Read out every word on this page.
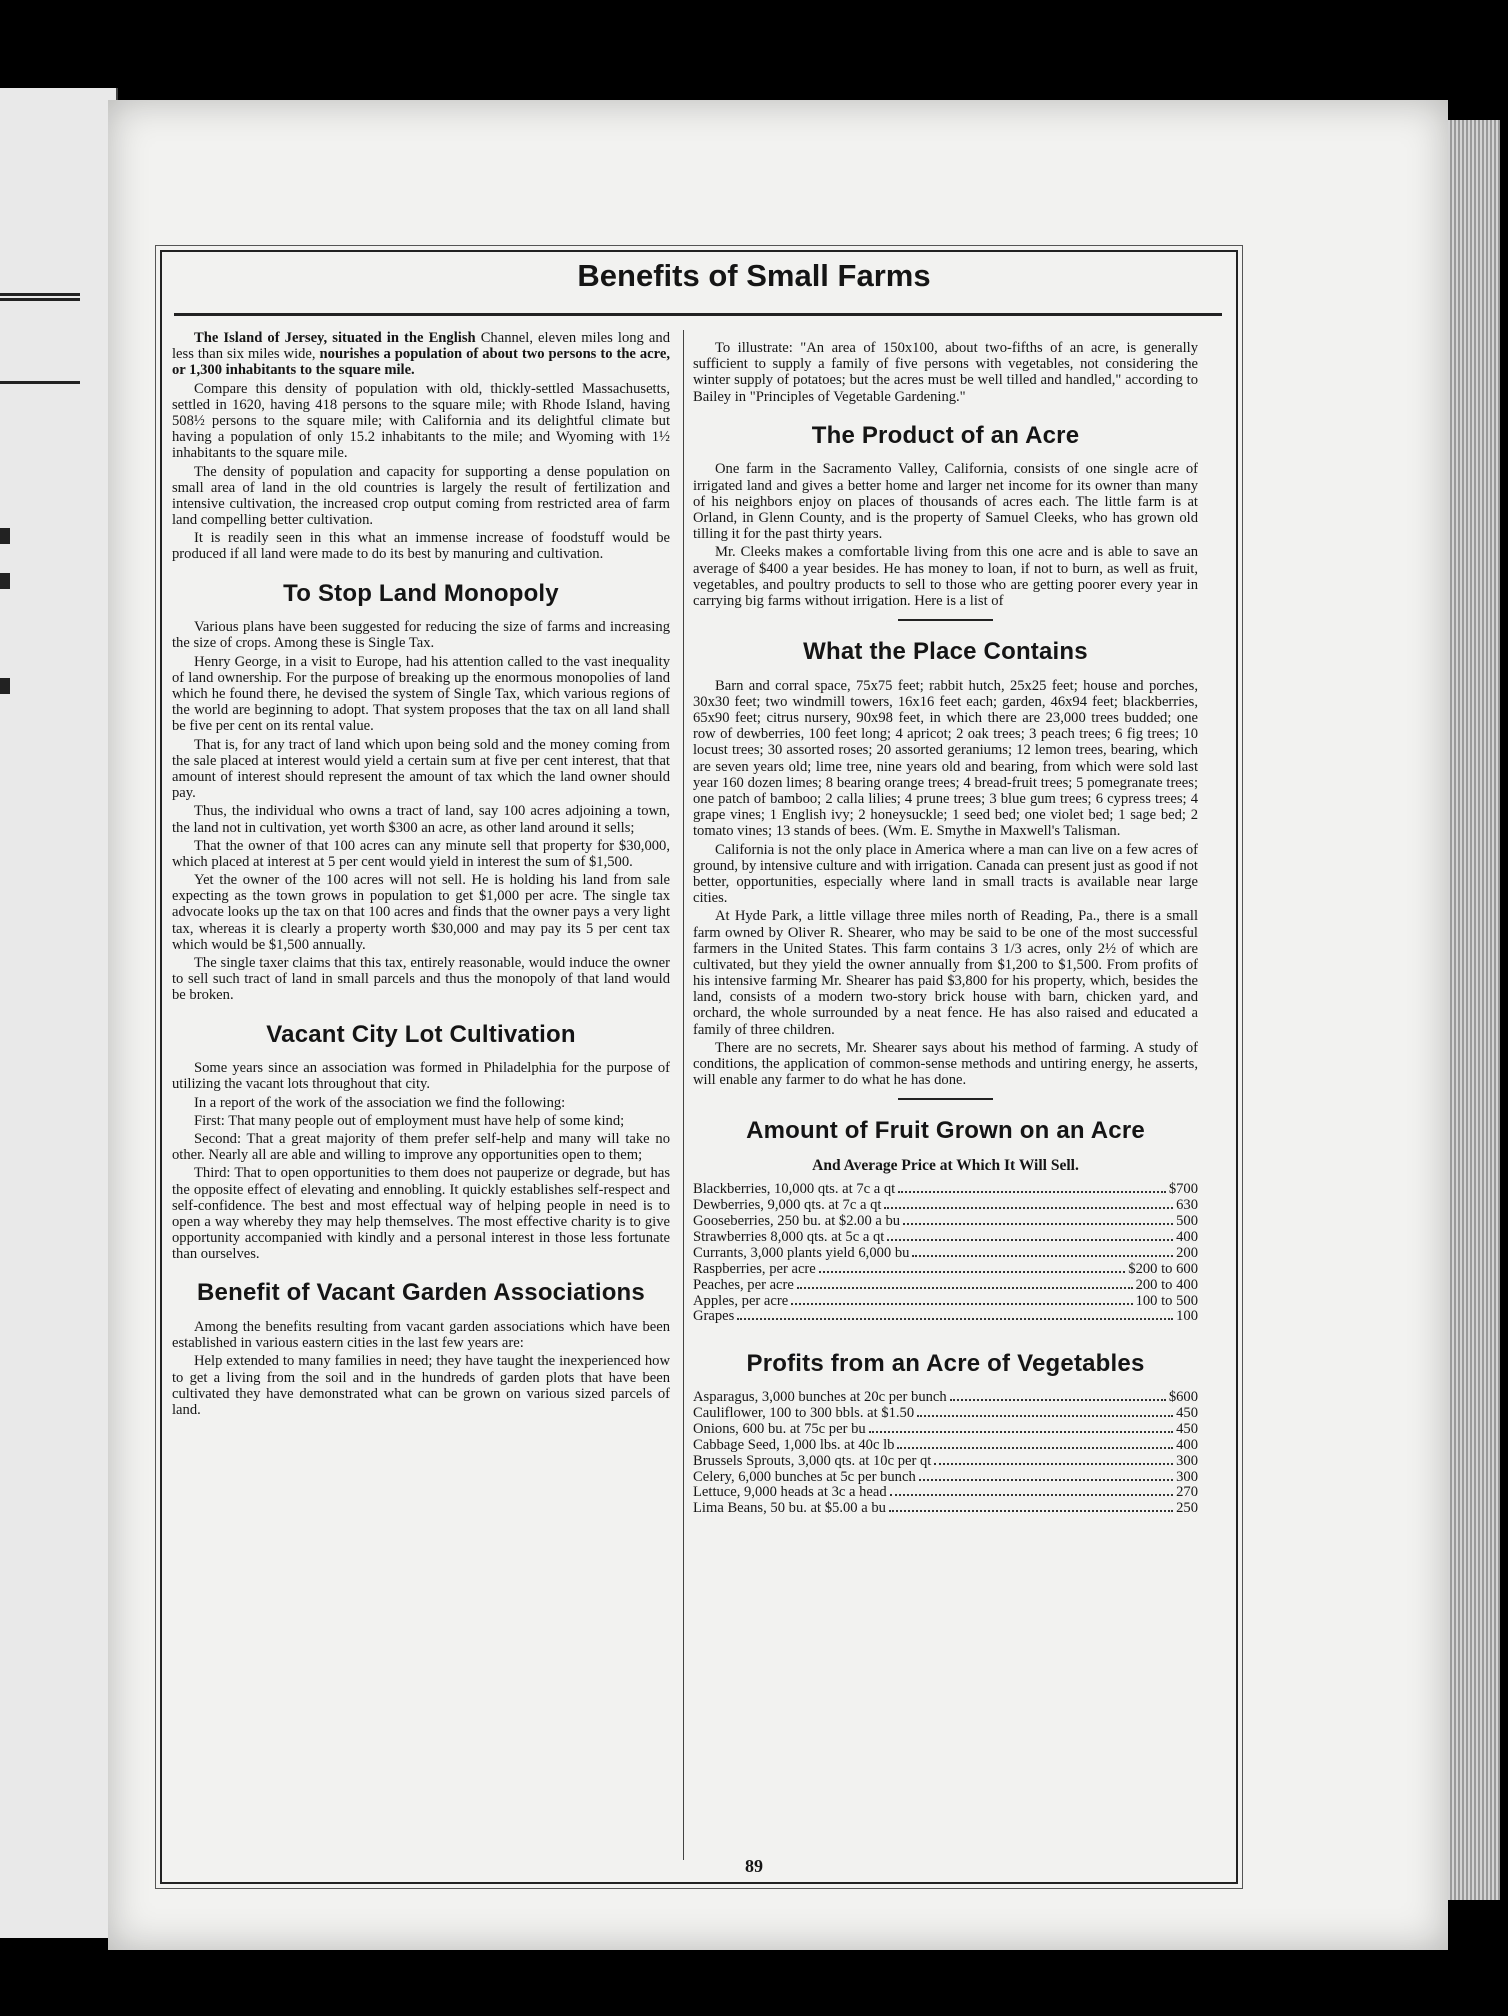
Benefits of Small Farms

The Island of Jersey, situated in the English Channel, eleven miles long and less than six miles wide, nourishes a population of about two persons to the acre, or 1,300 inhabitants to the square mile.

Compare this density of population with old, thickly-settled Massachusetts, settled in 1620, having 418 persons to the square mile; with Rhode Island, having 508½ persons to the square mile; with California and its delightful climate but having a population of only 15.2 inhabitants to the mile; and Wyoming with 1½ inhabitants to the square mile.

The density of population and capacity for supporting a dense population on small area of land in the old countries is largely the result of fertilization and intensive cultivation, the increased crop output coming from restricted area of farm land compelling better cultivation.

It is readily seen in this what an immense increase of foodstuff would be produced if all land were made to do its best by manuring and cultivation.

To Stop Land Monopoly

Various plans have been suggested for reducing the size of farms and increasing the size of crops. Among these is Single Tax.

Henry George, in a visit to Europe, had his attention called to the vast inequality of land ownership. For the purpose of breaking up the enormous monopolies of land which he found there, he devised the system of Single Tax, which various regions of the world are beginning to adopt. That system proposes that the tax on all land shall be five per cent on its rental value.

That is, for any tract of land which upon being sold and the money coming from the sale placed at interest would yield a certain sum at five per cent interest, that that amount of interest should represent the amount of tax which the land owner should pay.

Thus, the individual who owns a tract of land, say 100 acres adjoining a town, the land not in cultivation, yet worth $300 an acre, as other land around it sells;

That the owner of that 100 acres can any minute sell that property for $30,000, which placed at interest at 5 per cent would yield in interest the sum of $1,500.

Yet the owner of the 100 acres will not sell. He is holding his land from sale expecting as the town grows in population to get $1,000 per acre. The single tax advocate looks up the tax on that 100 acres and finds that the owner pays a very light tax, whereas it is clearly a property worth $30,000 and may pay its 5 per cent tax which would be $1,500 annually.

The single taxer claims that this tax, entirely reasonable, would induce the owner to sell such tract of land in small parcels and thus the monopoly of that land would be broken.

Vacant City Lot Cultivation

Some years since an association was formed in Philadelphia for the purpose of utilizing the vacant lots throughout that city.

In a report of the work of the association we find the following:

First: That many people out of employment must have help of some kind;

Second: That a great majority of them prefer self-help and many will take no other. Nearly all are able and willing to improve any opportunities open to them;

Third: That to open opportunities to them does not pauperize or degrade, but has the opposite effect of elevating and ennobling. It quickly establishes self-respect and self-confidence. The best and most effectual way of helping people in need is to open a way whereby they may help themselves. The most effective charity is to give opportunity accompanied with kindly and a personal interest in those less fortunate than ourselves.

Benefit of Vacant Garden Associations

Among the benefits resulting from vacant garden associations which have been established in various eastern cities in the last few years are:

Help extended to many families in need; they have taught the inexperienced how to get a living from the soil and in the hundreds of garden plots that have been cultivated they have demonstrated what can be grown on various sized parcels of land.

To illustrate: "An area of 150x100, about two-fifths of an acre, is generally sufficient to supply a family of five persons with vegetables, not considering the winter supply of potatoes; but the acres must be well tilled and handled," according to Bailey in "Principles of Vegetable Gardening."

The Product of an Acre

One farm in the Sacramento Valley, California, consists of one single acre of irrigated land and gives a better home and larger net income for its owner than many of his neighbors enjoy on places of thousands of acres each. The little farm is at Orland, in Glenn County, and is the property of Samuel Cleeks, who has grown old tilling it for the past thirty years.

Mr. Cleeks makes a comfortable living from this one acre and is able to save an average of $400 a year besides. He has money to loan, if not to burn, as well as fruit, vegetables, and poultry products to sell to those who are getting poorer every year in carrying big farms without irrigation. Here is a list of

What the Place Contains

Barn and corral space, 75x75 feet; rabbit hutch, 25x25 feet; house and porches, 30x30 feet; two windmill towers, 16x16 feet each; garden, 46x94 feet; blackberries, 65x90 feet; citrus nursery, 90x98 feet, in which there are 23,000 trees budded; one row of dewberries, 100 feet long; 4 apricot; 2 oak trees; 3 peach trees; 6 fig trees; 10 locust trees; 30 assorted roses; 20 assorted geraniums; 12 lemon trees, bearing, which are seven years old; lime tree, nine years old and bearing, from which were sold last year 160 dozen limes; 8 bearing orange trees; 4 bread-fruit trees; 5 pomegranate trees; one patch of bamboo; 2 calla lilies; 4 prune trees; 3 blue gum trees; 6 cypress trees; 4 grape vines; 1 English ivy; 2 honeysuckle; 1 seed bed; one violet bed; 1 sage bed; 2 tomato vines; 13 stands of bees. (Wm. E. Smythe in Maxwell's Talisman.

California is not the only place in America where a man can live on a few acres of ground, by intensive culture and with irrigation. Canada can present just as good if not better, opportunities, especially where land in small tracts is available near large cities.

At Hyde Park, a little village three miles north of Reading, Pa., there is a small farm owned by Oliver R. Shearer, who may be said to be one of the most successful farmers in the United States. This farm contains 3 1/3 acres, only 2½ of which are cultivated, but they yield the owner annually from $1,200 to $1,500. From profits of his intensive farming Mr. Shearer has paid $3,800 for his property, which, besides the land, consists of a modern two-story brick house with barn, chicken yard, and orchard, the whole surrounded by a neat fence. He has also raised and educated a family of three children.

There are no secrets, Mr. Shearer says about his method of farming. A study of conditions, the application of common-sense methods and untiring energy, he asserts, will enable any farmer to do what he has done.

Amount of Fruit Grown on an Acre
And Average Price at Which It Will Sell.
Blackberries, 10,000 qts. at 7c a qt	$700
Dewberries, 9,000 qts. at 7c a qt	630
Gooseberries, 250 bu. at $2.00 a bu	500
Strawberries 8,000 qts. at 5c a qt	400
Currants, 3,000 plants yield 6,000 bu	200
Raspberries, per acre	$200 to 600
Peaches, per acre	200 to 400
Apples, per acre	100 to 500
Grapes	100
Profits from an Acre of Vegetables
Asparagus, 3,000 bunches at 20c per bunch	$600
Cauliflower, 100 to 300 bbls. at $1.50	450
Onions, 600 bu. at 75c per bu	450
Cabbage Seed, 1,000 lbs. at 40c lb	400
Brussels Sprouts, 3,000 qts. at 10c per qt	300
Celery, 6,000 bunches at 5c per bunch	300
Lettuce, 9,000 heads at 3c a head	270
Lima Beans, 50 bu. at $5.00 a bu	250
89
